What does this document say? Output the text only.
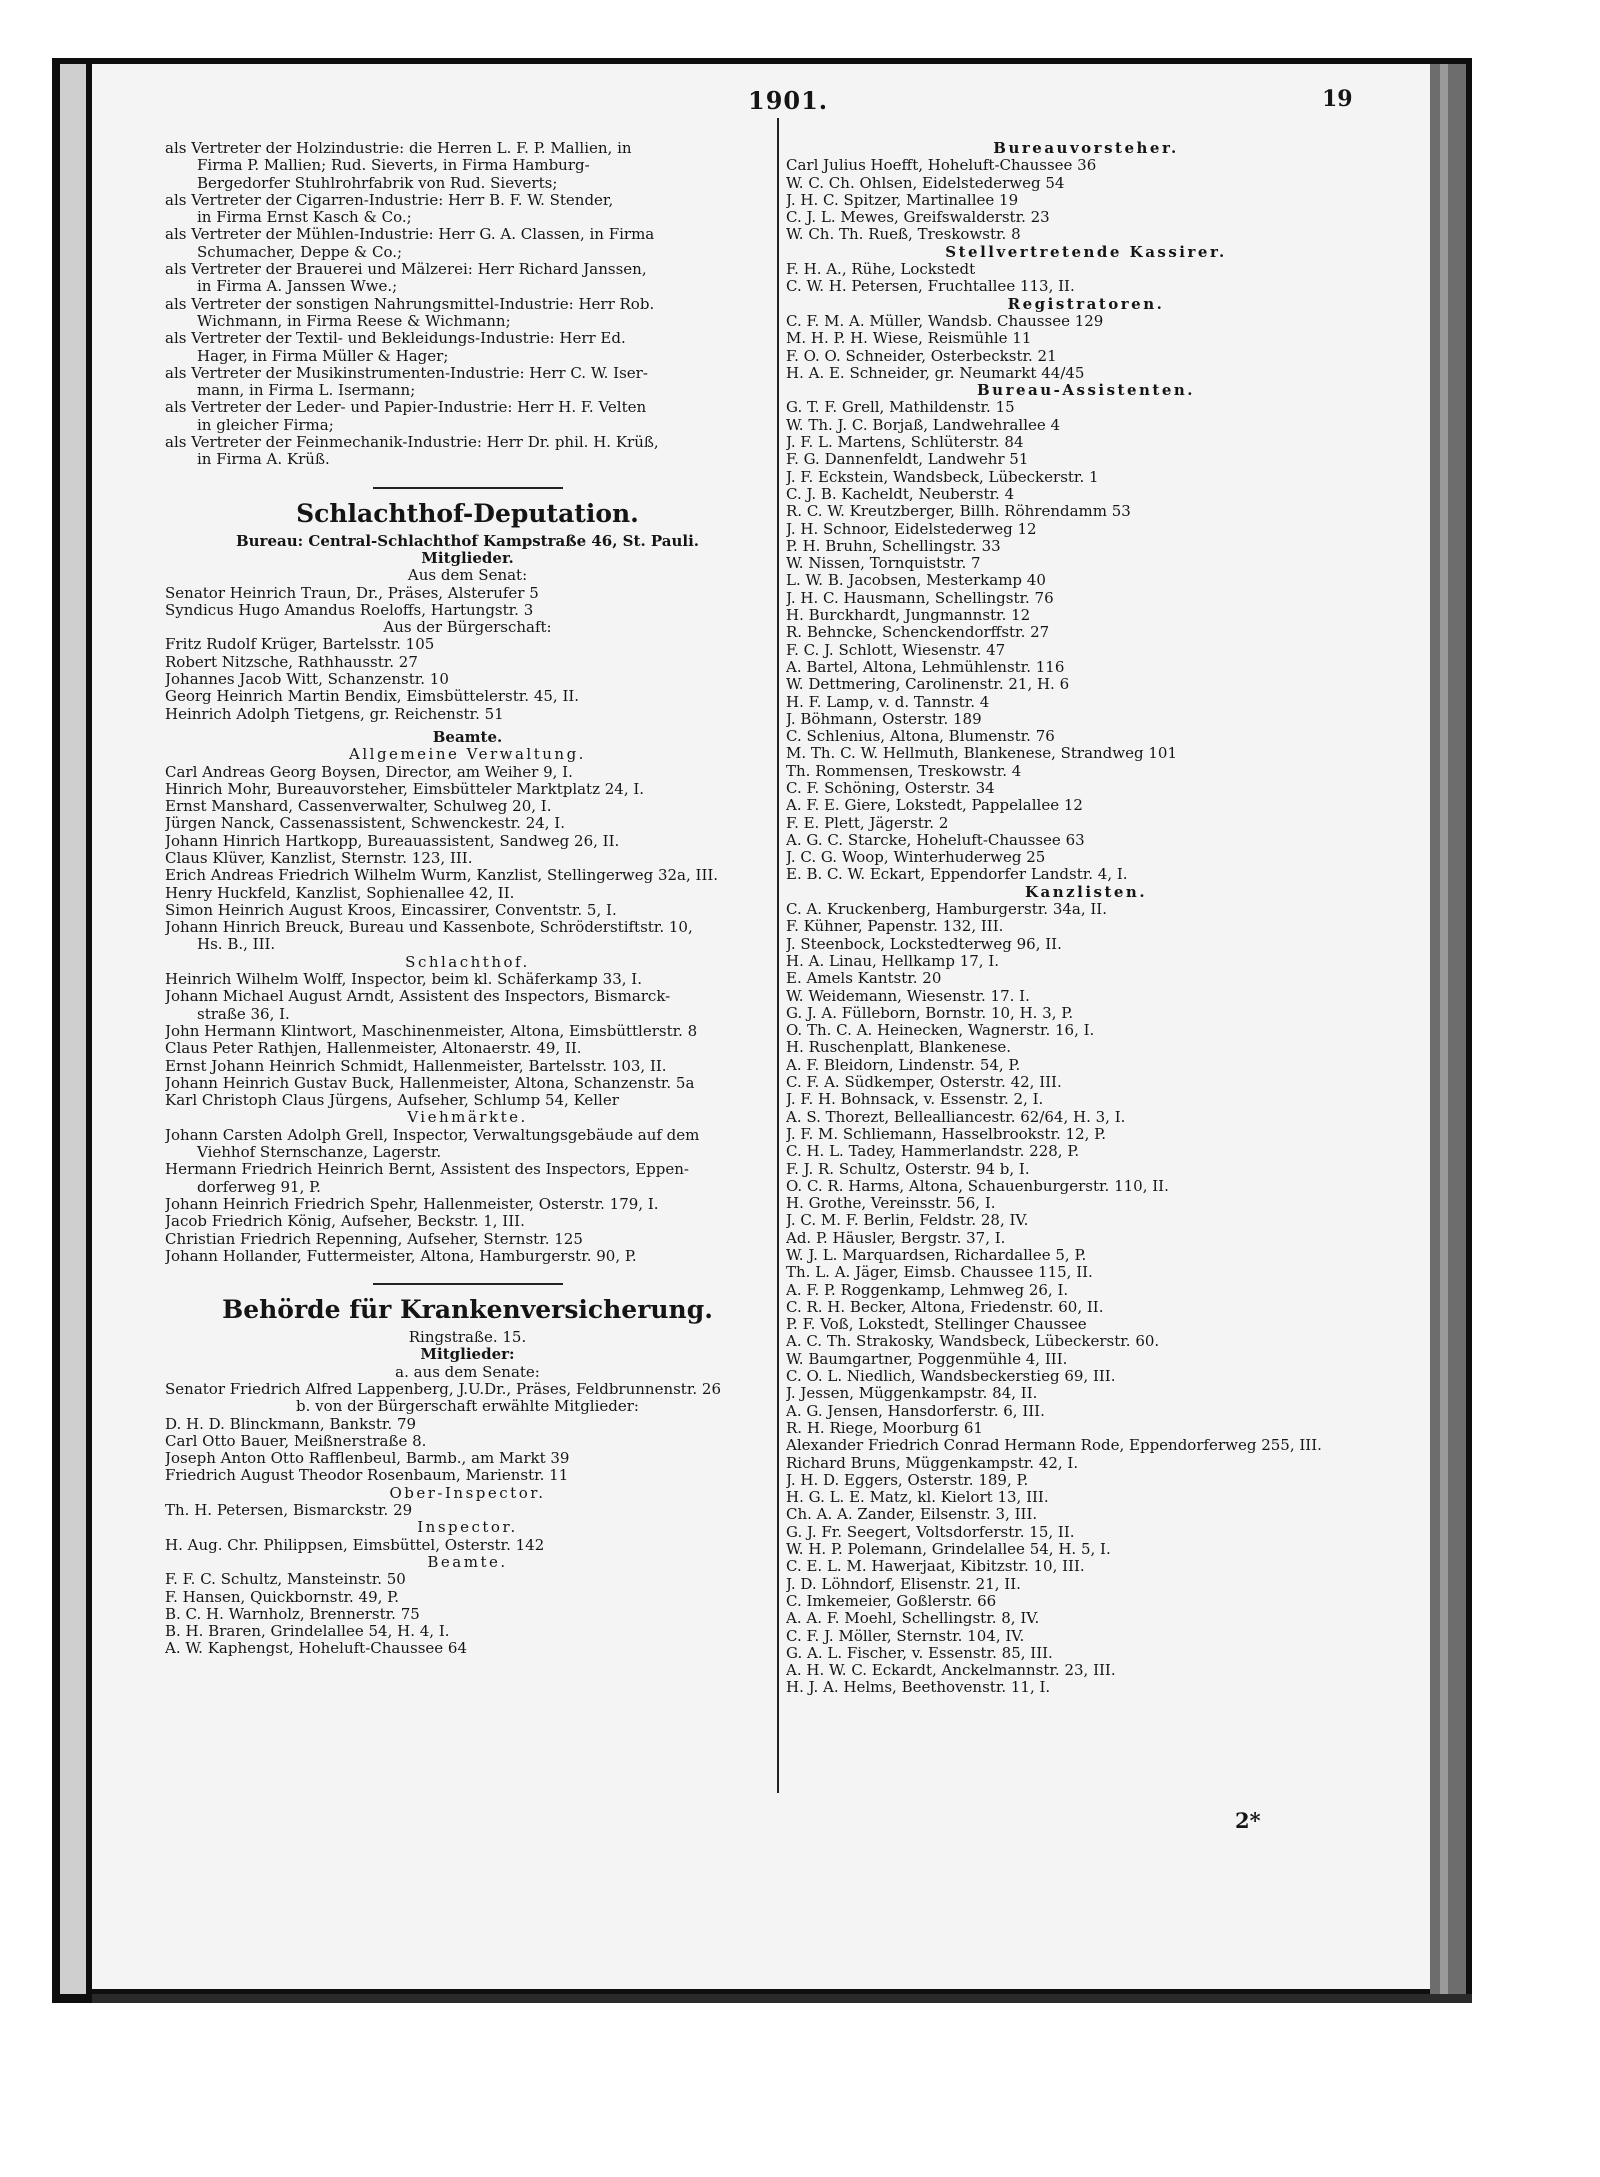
1901.	19
als Vertreter der Holzindustrie: die Herren L. F. P. Mallien, in
Firma P. Mallien; Rud. Sieverts, in Firma Hamburg-
Bergedorfer Stuhlrohrfabrik von Rud. Sieverts;
als Vertreter der Cigarren-Industrie: Herr B. F. W. Stender,
in Firma Ernst Kasch & Co.;
als Vertreter der Mühlen-Industrie: Herr G. A. Classen, in Firma
Schumacher, Deppe & Co.;
als Vertreter der Brauerei und Mälzerei: Herr Richard Janssen,
in Firma A. Janssen Wwe.;
als Vertreter der sonstigen Nahrungsmittel-Industrie: Herr Rob.
Wichmann, in Firma Reese & Wichmann;
als Vertreter der Textil- und Bekleidungs-Industrie: Herr Ed.
Hager, in Firma Müller & Hager;
als Vertreter der Musikinstrumenten-Industrie: Herr C. W. Iser-
mann, in Firma L. Isermann;
als Vertreter der Leder- und Papier-Industrie: Herr H. F. Velten
in gleicher Firma;
als Vertreter der Feinmechanik-Industrie: Herr Dr. phil. H. Krüß,
in Firma A. Krüß.
Schlachthof-Deputation.
Bureau: Central-Schlachthof Kampstraße 46, St. Pauli.
Mitglieder.
Aus dem Senat:
Senator Heinrich Traun, Dr., Präses, Alsterufer 5
Syndicus Hugo Amandus Roeloffs, Hartungstr. 3
Aus der Bürgerschaft:
Fritz Rudolf Krüger, Bartelsstr. 105
Robert Nitzsche, Rathhausstr. 27
Johannes Jacob Witt, Schanzenstr. 10
Georg Heinrich Martin Bendix, Eimsbüttelerstr. 45, II.
Heinrich Adolph Tietgens, gr. Reichenstr. 51
Beamte.
Allgemeine Verwaltung.
Carl Andreas Georg Boysen, Director, am Weiher 9, I.
Hinrich Mohr, Bureauvorsteher, Eimsbütteler Marktplatz 24, I.
Ernst Manshard, Cassenverwalter, Schulweg 20, I.
Jürgen Nanck, Cassenassistent, Schwenckestr. 24, I.
Johann Hinrich Hartkopp, Bureauassistent, Sandweg 26, II.
Claus Klüver, Kanzlist, Sternstr. 123, III.
Erich Andreas Friedrich Wilhelm Wurm, Kanzlist, Stellingerweg 32a, III.
Henry Huckfeld, Kanzlist, Sophienallee 42, II.
Simon Heinrich August Kroos, Eincassirer, Conventstr. 5, I.
Johann Hinrich Breuck, Bureau und Kassenbote, Schröderstiftstr. 10,
Hs. B., III.
Schlachthof.
Heinrich Wilhelm Wolff, Inspector, beim kl. Schäferkamp 33, I.
Johann Michael August Arndt, Assistent des Inspectors, Bismarck-
straße 36, I.
John Hermann Klintwort, Maschinenmeister, Altona, Eimsbüttlerstr. 8
Claus Peter Rathjen, Hallenmeister, Altonaerstr. 49, II.
Ernst Johann Heinrich Schmidt, Hallenmeister, Bartelsstr. 103, II.
Johann Heinrich Gustav Buck, Hallenmeister, Altona, Schanzenstr. 5a
Karl Christoph Claus Jürgens, Aufseher, Schlump 54, Keller
Viehmärkte.
Johann Carsten Adolph Grell, Inspector, Verwaltungsgebäude auf dem
Viehhof Sternschanze, Lagerstr.
Hermann Friedrich Heinrich Bernt, Assistent des Inspectors, Eppen-
dorferweg 91, P.
Johann Heinrich Friedrich Spehr, Hallenmeister, Osterstr. 179, I.
Jacob Friedrich König, Aufseher, Beckstr. 1, III.
Christian Friedrich Repenning, Aufseher, Sternstr. 125
Johann Hollander, Futtermeister, Altona, Hamburgerstr. 90, P.
Behörde für Krankenversicherung.
Ringstraße. 15.
Mitglieder:
a. aus dem Senate:
Senator Friedrich Alfred Lappenberg, J.U.Dr., Präses, Feldbrunnenstr. 26
b. von der Bürgerschaft erwählte Mitglieder:
D. H. D. Blinckmann, Bankstr. 79
Carl Otto Bauer, Meißnerstraße 8.
Joseph Anton Otto Rafflenbeul, Barmb., am Markt 39
Friedrich August Theodor Rosenbaum, Marienstr. 11
Ober-Inspector.
Th. H. Petersen, Bismarckstr. 29
Inspector.
H. Aug. Chr. Philippsen, Eimsbüttel, Osterstr. 142
Beamte.
F. F. C. Schultz, Mansteinstr. 50
F. Hansen, Quickbornstr. 49, P.
B. C. H. Warnholz, Brennerstr. 75
B. H. Braren, Grindelallee 54, H. 4, I.
A. W. Kaphengst, Hoheluft-Chaussee 64
Bureauvorsteher.
Carl Julius Hoefft, Hoheluft-Chaussee 36
W. C. Ch. Ohlsen, Eidelstederweg 54
J. H. C. Spitzer, Martinallee 19
C. J. L. Mewes, Greifswalderstr. 23
W. Ch. Th. Rueß, Treskowstr. 8
Stellvertretende Kassirer.
F. H. A., Rühe, Lockstedt
C. W. H. Petersen, Fruchtallee 113, II.
Registratoren.
C. F. M. A. Müller, Wandsb. Chaussee 129
M. H. P. H. Wiese, Reismühle 11
F. O. O. Schneider, Osterbeckstr. 21
H. A. E. Schneider, gr. Neumarkt 44/45
Bureau-Assistenten.
G. T. F. Grell, Mathildenstr. 15
W. Th. J. C. Borjaß, Landwehrallee 4
J. F. L. Martens, Schlüterstr. 84
F. G. Dannenfeldt, Landwehr 51
J. F. Eckstein, Wandsbeck, Lübeckerstr. 1
C. J. B. Kacheldt, Neuberstr. 4
R. C. W. Kreutzberger, Billh. Röhrendamm 53
J. H. Schnoor, Eidelstederweg 12
P. H. Bruhn, Schellingstr. 33
W. Nissen, Tornquiststr. 7
L. W. B. Jacobsen, Mesterkamp 40
J. H. C. Hausmann, Schellingstr. 76
H. Burckhardt, Jungmannstr. 12
R. Behncke, Schenckendorffstr. 27
F. C. J. Schlott, Wiesenstr. 47
A. Bartel, Altona, Lehmühlenstr. 116
W. Dettmering, Carolinenstr. 21, H. 6
H. F. Lamp, v. d. Tannstr. 4
J. Böhmann, Osterstr. 189
C. Schlenius, Altona, Blumenstr. 76
M. Th. C. W. Hellmuth, Blankenese, Strandweg 101
Th. Rommensen, Treskowstr. 4
C. F. Schöning, Osterstr. 34
A. F. E. Giere, Lokstedt, Pappelallee 12
F. E. Plett, Jägerstr. 2
A. G. C. Starcke, Hoheluft-Chaussee 63
J. C. G. Woop, Winterhuderweg 25
E. B. C. W. Eckart, Eppendorfer Landstr. 4, I.
Kanzlisten.
C. A. Kruckenberg, Hamburgerstr. 34a, II.
F. Kühner, Papenstr. 132, III.
J. Steenbock, Lockstedterweg 96, II.
H. A. Linau, Hellkamp 17, I.
E. Amels Kantstr. 20
W. Weidemann, Wiesenstr. 17. I.
G. J. A. Fülleborn, Bornstr. 10, H. 3, P.
O. Th. C. A. Heinecken, Wagnerstr. 16, I.
H. Ruschenplatt, Blankenese.
A. F. Bleidorn, Lindenstr. 54, P.
C. F. A. Südkemper, Osterstr. 42, III.
J. F. H. Bohnsack, v. Essenstr. 2, I.
A. S. Thorezt, Bellealliancestr. 62/64, H. 3, I.
J. F. M. Schliemann, Hasselbrookstr. 12, P.
C. H. L. Tadey, Hammerlandstr. 228, P.
F. J. R. Schultz, Osterstr. 94 b, I.
O. C. R. Harms, Altona, Schauenburgerstr. 110, II.
H. Grothe, Vereinsstr. 56, I.
J. C. M. F. Berlin, Feldstr. 28, IV.
Ad. P. Häusler, Bergstr. 37, I.
W. J. L. Marquardsen, Richardallee 5, P.
Th. L. A. Jäger, Eimsb. Chaussee 115, II.
A. F. P. Roggenkamp, Lehmweg 26, I.
C. R. H. Becker, Altona, Friedenstr. 60, II.
P. F. Voß, Lokstedt, Stellinger Chaussee
A. C. Th. Strakosky, Wandsbeck, Lübeckerstr. 60.
W. Baumgartner, Poggenmühle 4, III.
C. O. L. Niedlich, Wandsbeckerstieg 69, III.
J. Jessen, Müggenkampstr. 84, II.
A. G. Jensen, Hansdorferstr. 6, III.
R. H. Riege, Moorburg 61
Alexander Friedrich Conrad Hermann Rode, Eppendorferweg 255, III.
Richard Bruns, Müggenkampstr. 42, I.
J. H. D. Eggers, Osterstr. 189, P.
H. G. L. E. Matz, kl. Kielort 13, III.
Ch. A. A. Zander, Eilsenstr. 3, III.
G. J. Fr. Seegert, Voltsdorferstr. 15, II.
W. H. P. Polemann, Grindelallee 54, H. 5, I.
C. E. L. M. Hawerjaat, Kibitzstr. 10, III.
J. D. Löhndorf, Elisenstr. 21, II.
C. Imkemeier, Goßlerstr. 66
A. A. F. Moehl, Schellingstr. 8, IV.
C. F. J. Möller, Sternstr. 104, IV.
G. A. L. Fischer, v. Essenstr. 85, III.
A. H. W. C. Eckardt, Anckelmannstr. 23, III.
H. J. A. Helms, Beethovenstr. 11, I.
2*
